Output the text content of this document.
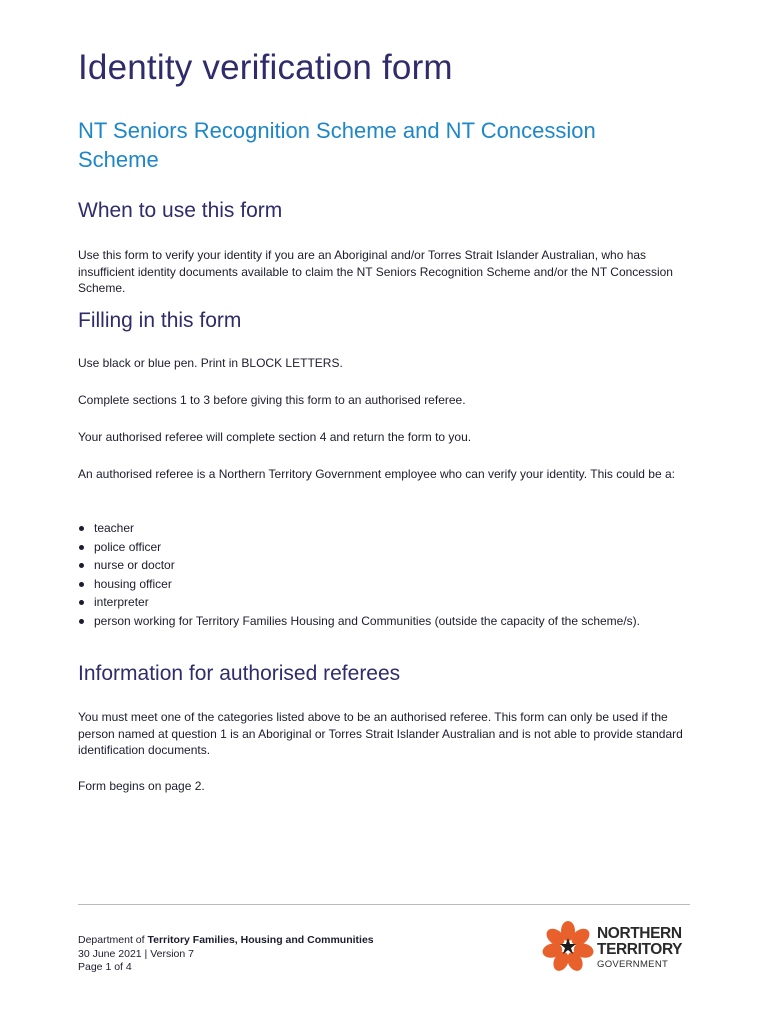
Identity verification form
NT Seniors Recognition Scheme and NT Concession Scheme
When to use this form

Use this form to verify your identity if you are an Aboriginal and/or Torres Strait Islander Australian, who has insufficient identity documents available to claim the NT Seniors Recognition Scheme and/or the NT Concession Scheme.

Filling in this form

Use black or blue pen. Print in BLOCK LETTERS.

Complete sections 1 to 3 before giving this form to an authorised referee.

Your authorised referee will complete section 4 and return the form to you.

An authorised referee is a Northern Territory Government employee who can verify your identity. This could be a:

teacher
police officer
nurse or doctor
housing officer
interpreter
person working for Territory Families Housing and Communities (outside the capacity of the scheme/s).
Information for authorised referees

You must meet one of the categories listed above to be an authorised referee. This form can only be used if the person named at question 1 is an Aboriginal or Torres Strait Islander Australian and is not able to provide standard identification documents.

Form begins on page 2.

Department of Territory Families, Housing and Communities
30 June 2021 | Version 7
Page 1 of 4
NORTHERN
TERRITORY
GOVERNMENT
